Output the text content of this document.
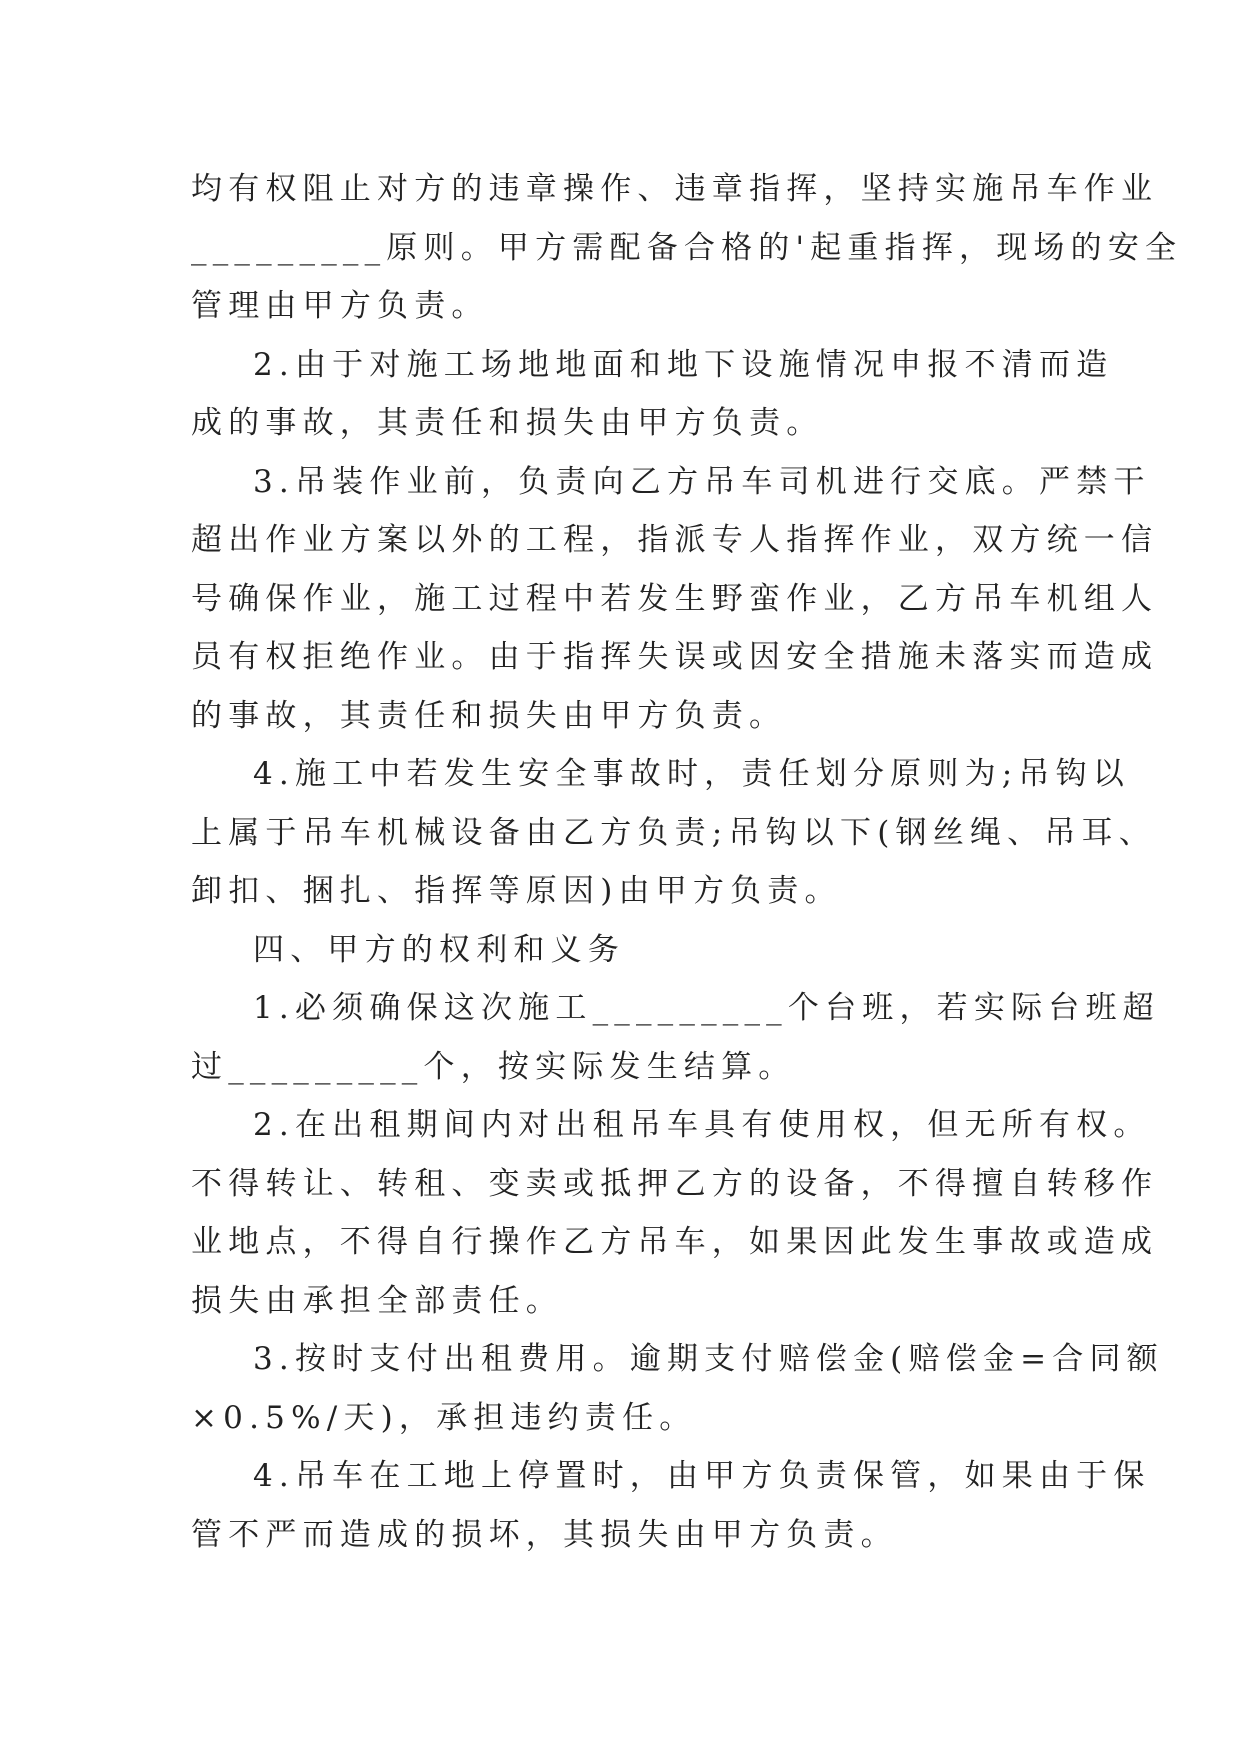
均有权阻止对方的违章操作、违章指挥，坚持实施吊车作业
_________原则。甲方需配备合格的'起重指挥，现场的安全
管理由甲方负责。
2.由于对施工场地地面和地下设施情况申报不清而造
成的事故，其责任和损失由甲方负责。
3.吊装作业前，负责向乙方吊车司机进行交底。严禁干
超出作业方案以外的工程，指派专人指挥作业，双方统一信
号确保作业，施工过程中若发生野蛮作业，乙方吊车机组人
员有权拒绝作业。由于指挥失误或因安全措施未落实而造成
的事故，其责任和损失由甲方负责。
4.施工中若发生安全事故时，责任划分原则为;吊钩以
上属于吊车机械设备由乙方负责;吊钩以下(钢丝绳、吊耳、
卸扣、捆扎、指挥等原因)由甲方负责。
四、甲方的权利和义务
1.必须确保这次施工_________个台班，若实际台班超
过_________个，按实际发生结算。
2.在出租期间内对出租吊车具有使用权，但无所有权。
不得转让、转租、变卖或抵押乙方的设备，不得擅自转移作
业地点，不得自行操作乙方吊车，如果因此发生事故或造成
损失由承担全部责任。
3.按时支付出租费用。逾期支付赔偿金(赔偿金=合同额
×0.5%/天)，承担违约责任。
4.吊车在工地上停置时，由甲方负责保管，如果由于保
管不严而造成的损坏，其损失由甲方负责。
